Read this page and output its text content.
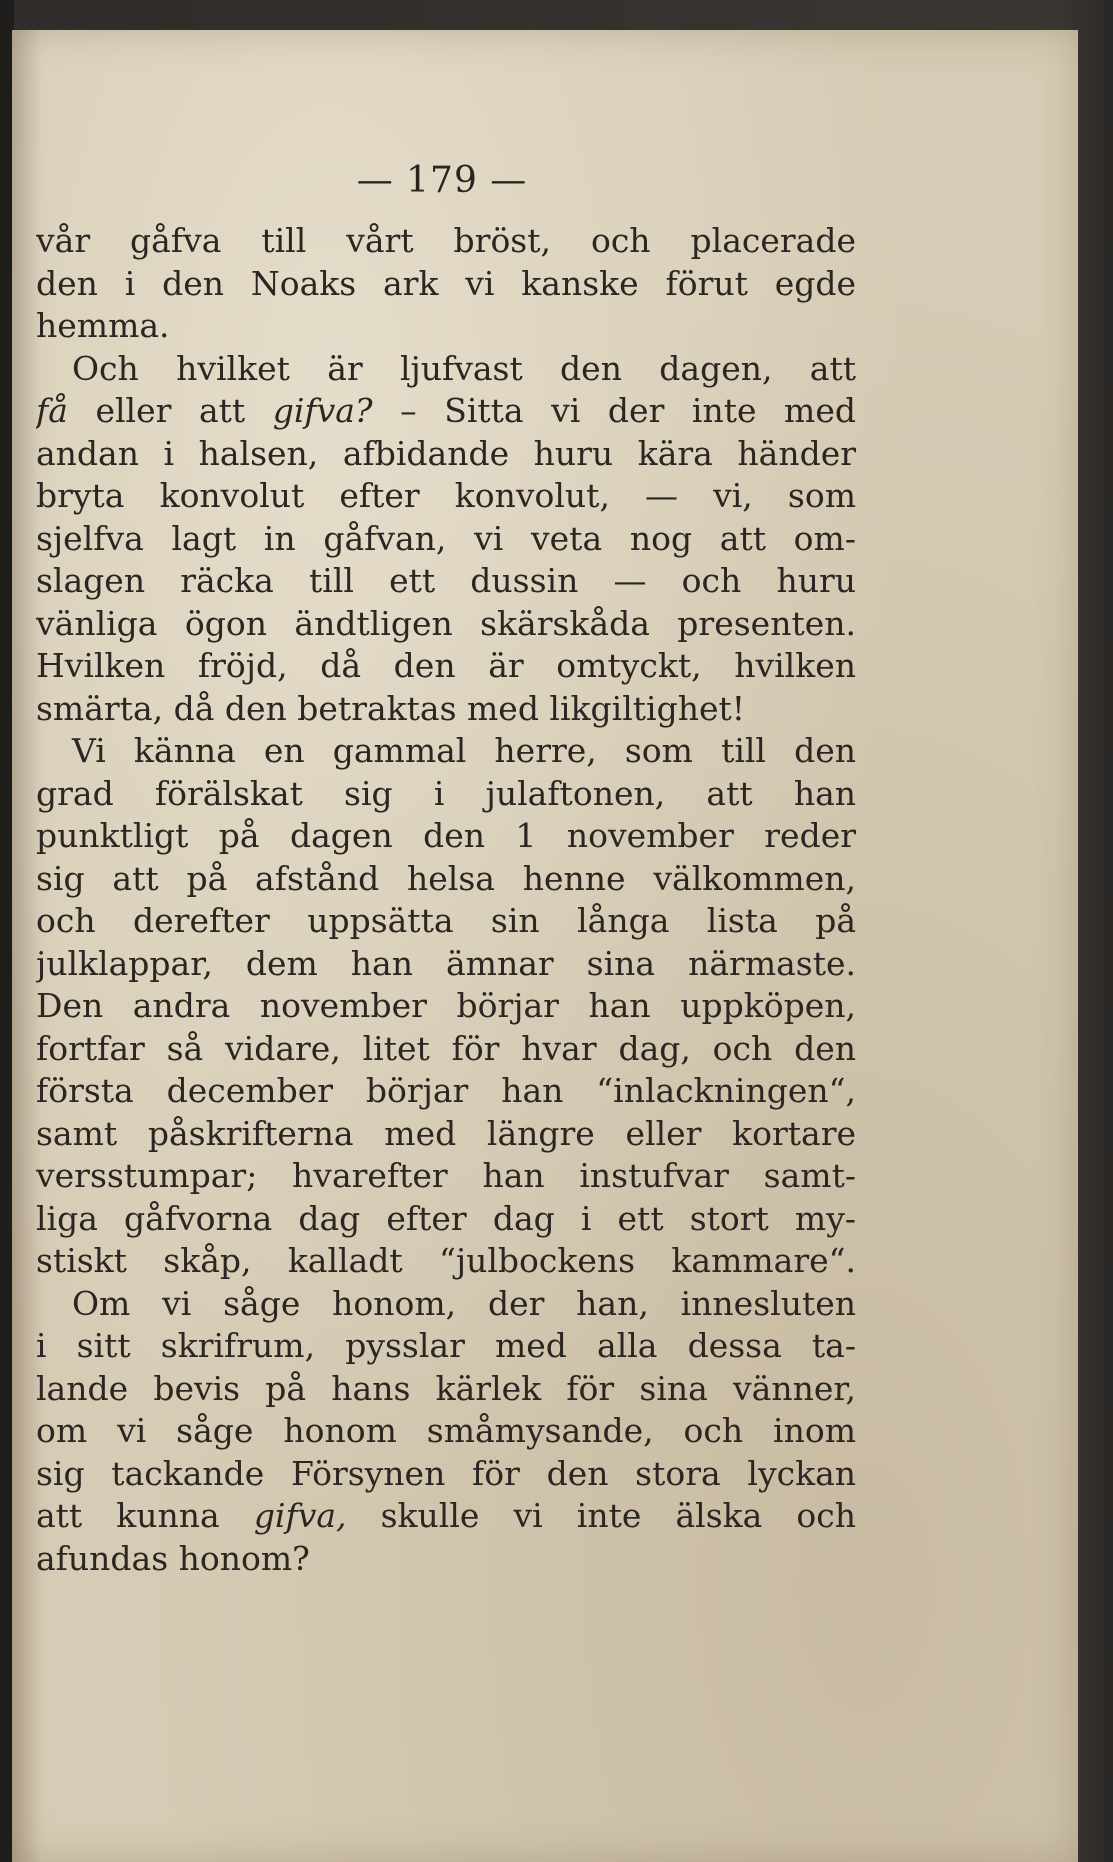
— 179 —
vår gåfva till vårt bröst, och placerade
den i den Noaks ark vi kanske förut egde
hemma.
Och hvilket är ljufvast den dagen, att
få eller att gifva? – Sitta vi der inte med
andan i halsen, afbidande huru kära händer
bryta konvolut efter konvolut, — vi, som
sjelfva lagt in gåfvan, vi veta nog att om-
slagen räcka till ett dussin — och huru
vänliga ögon ändtligen skärskåda presenten.
Hvilken fröjd, då den är omtyckt, hvilken
smärta, då den betraktas med likgiltighet!
Vi känna en gammal herre, som till den
grad förälskat sig i julaftonen, att han
punktligt på dagen den 1 november reder
sig att på afstånd helsa henne välkommen,
och derefter uppsätta sin långa lista på
julklappar, dem han ämnar sina närmaste.
Den andra november börjar han uppköpen,
fortfar så vidare, litet för hvar dag, och den
första december börjar han “inlackningen“,
samt påskrifterna med längre eller kortare
versstumpar; hvarefter han instufvar samt-
liga gåfvorna dag efter dag i ett stort my-
stiskt skåp, kalladt “julbockens kammare“.
Om vi såge honom, der han, innesluten
i sitt skrifrum, pysslar med alla dessa ta-
lande bevis på hans kärlek för sina vänner,
om vi såge honom småmysande, och inom
sig tackande Försynen för den stora lyckan
att kunna gifva, skulle vi inte älska och
afundas honom?
